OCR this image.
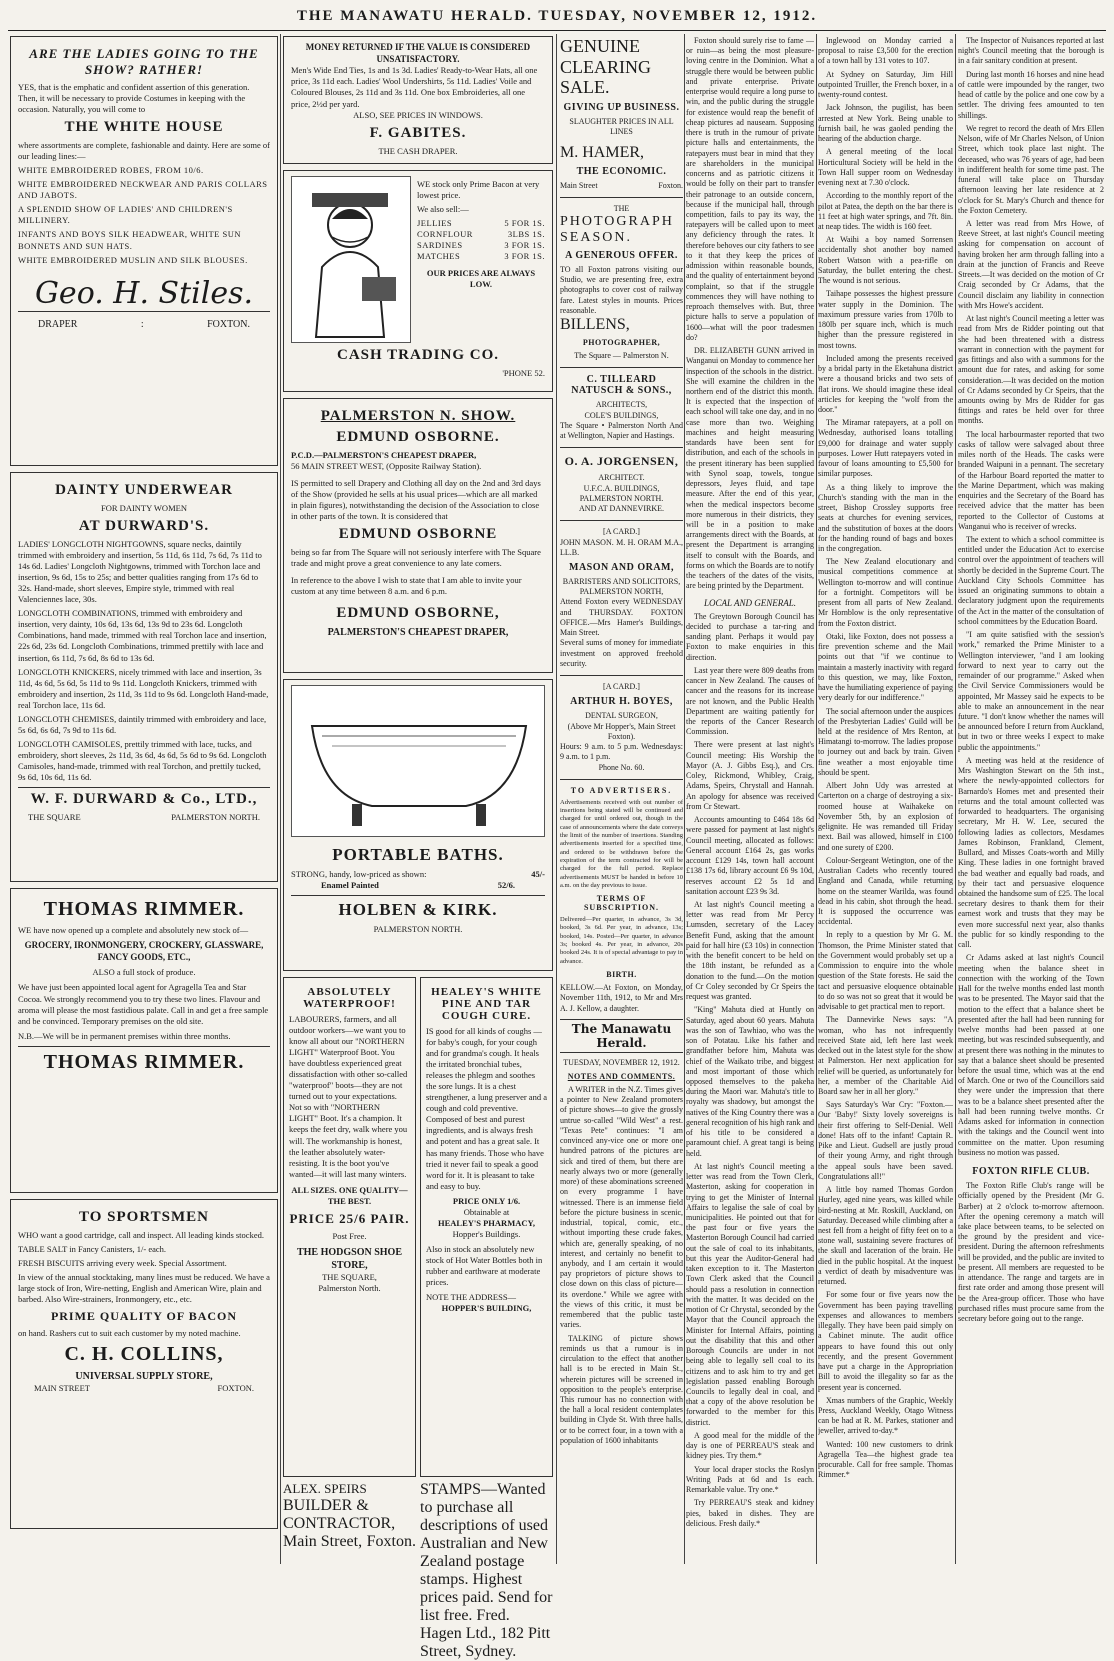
THE MANAWATU HERALD. TUESDAY, NOVEMBER 12, 1912.
ARE THE LADIES GOING TO THE SHOW? RATHER!
YES, that is the emphatic and confident assertion of this generation. Then, it will be necessary to provide Costumes in keeping with the occasion. Naturally, you will come to
THE WHITE HOUSE
where assortments are complete, fashionable and dainty. Here are some of our leading lines:—

WHITE EMBROIDERED ROBES, FROM 10/6.

WHITE EMBROIDERED NECKWEAR AND PARIS COLLARS AND JABOTS.

A SPLENDID SHOW OF LADIES' AND CHILDREN'S MILLINERY.

INFANTS AND BOYS SILK HEADWEAR, WHITE SUN BONNETS AND SUN HATS.

WHITE EMBROIDERED MUSLIN AND SILK BLOUSES.

Geo. H. Stiles.
DRAPER	:	FOXTON.
DAINTY UNDERWEAR
FOR DAINTY WOMEN
AT DURWARD'S.

LADIES' LONGCLOTH NIGHTGOWNS, square necks, daintily trimmed with embroidery and insertion, 5s 11d, 6s 11d, 7s 6d, 7s 11d to 14s 6d. Ladies' Longcloth Nightgowns, trimmed with Torchon lace and insertion, 9s 6d, 15s to 25s; and better qualities ranging from 17s 6d to 32s. Hand-made, short sleeves, Empire style, trimmed with real Valenciennes lace, 30s.

LONGCLOTH COMBINATIONS, trimmed with embroidery and insertion, very dainty, 10s 6d, 13s 6d, 13s 9d to 23s 6d. Longcloth Combinations, hand made, trimmed with real Torchon lace and insertion, 22s 6d, 23s 6d. Longcloth Combinations, trimmed prettily with lace and insertion, 6s 11d, 7s 6d, 8s 6d to 13s 6d.

LONGCLOTH KNICKERS, nicely trimmed with lace and insertion, 3s 11d, 4s 6d, 5s 6d, 5s 11d to 9s 11d. Longcloth Knickers, trimmed with embroidery and insertion, 2s 11d, 3s 11d to 9s 6d. Longcloth Hand-made, real Torchon lace, 11s 6d.

LONGCLOTH CHEMISES, daintily trimmed with embroidery and lace, 5s 6d, 6s 6d, 7s 9d to 11s 6d.

LONGCLOTH CAMISOLES, prettily trimmed with lace, tucks, and embroidery, short sleeves, 2s 11d, 3s 6d, 4s 6d, 5s 6d to 9s 6d. Longcloth Camisoles, hand-made, trimmed with real Torchon, and prettily tucked, 9s 6d, 10s 6d, 11s 6d.

W. F. DURWARD & Co., LTD.,
THE SQUARE	PALMERSTON NORTH.
THOMAS RIMMER.
WE have now opened up a complete and absolutely new stock of—
GROCERY, IRONMONGERY, CROCKERY, GLASSWARE, FANCY GOODS, ETC.,
ALSO a full stock of produce.
We have just been appointed local agent for Agragella Tea and Star Cocoa. We strongly recommend you to try these two lines. Flavour and aroma will please the most fastidious palate. Call in and get a free sample and be convinced. Temporary premises on the old site.
N.B.—We will be in permanent premises within three months.
THOMAS RIMMER.
TO SPORTSMEN

WHO want a good cartridge, call and inspect. All leading kinds stocked.

TABLE SALT in Fancy Canisters, 1/- each.

FRESH BISCUITS arriving every week. Special Assortment.

In view of the annual stocktaking, many lines must be reduced. We have a large stock of Iron, Wire-netting, English and American Wire, plain and barbed. Also Wire-strainers, Ironmongery, etc., etc.

PRIME QUALITY OF BACON
on hand. Rashers cut to suit each customer by my noted machine.
C. H. COLLINS,
UNIVERSAL SUPPLY STORE,
MAIN STREET	FOXTON.
MONEY RETURNED IF THE VALUE IS CONSIDERED UNSATISFACTORY.
Men's Wide End Ties, 1s and 1s 3d. Ladies' Ready-to-Wear Hats, all one price, 3s 11d each. Ladies' Wool Undershirts, 5s 11d. Ladies' Voile and Coloured Blouses, 2s 11d and 3s 11d. One box Embroideries, all one price, 2½d per yard.
ALSO, SEE PRICES IN WINDOWS.
F. GABITES.
THE CASH DRAPER.

WE stock only Prime Bacon at very lowest price.

We also sell:—

JELLIES	5 FOR 1S.
CORNFLOUR	3LBS 1S.
SARDINES	3 FOR 1S.
MATCHES	3 FOR 1S.

OUR PRICES ARE ALWAYS LOW.

CASH TRADING CO.
'PHONE 52.
PALMERSTON N. SHOW.
EDMUND OSBORNE.
P.C.D.—PALMERSTON'S CHEAPEST DRAPER,
56 MAIN STREET WEST, (Opposite Railway Station).
IS permitted to sell Drapery and Clothing all day on the 2nd and 3rd days of the Show (provided he sells at his usual prices—which are all marked in plain figures), notwithstanding the decision of the Association to close in other parts of the town. It is considered that
EDMUND OSBORNE
being so far from The Square will not seriously interfere with The Square trade and might prove a great convenience to any late comers.
In reference to the above I wish to state that I am able to invite your custom at any time between 8 a.m. and 6 p.m.
EDMUND OSBORNE,
PALMERSTON'S CHEAPEST DRAPER,
PORTABLE BATHS.
STRONG, handy, low-priced as shown:	45/-
Enamel Painted	52/6.
HOLBEN & KIRK.
PALMERSTON NORTH.
ABSOLUTELY WATERPROOF!
LABOURERS, farmers, and all outdoor workers—we want you to know all about our "NORTHERN LIGHT" Waterproof Boot. You have doubtless experienced great dissatisfaction with other so-called "waterproof" boots—they are not turned out to your expectations. Not so with "NORTHERN LIGHT" Boot. It's a champion. It keeps the feet dry, walk where you will. The workmanship is honest, the leather absolutely water-resisting. It is the boot you've wanted—it will last many winters.
ALL SIZES. ONE QUALITY—THE BEST.
PRICE 25/6 PAIR.
Post Free.
THE HODGSON SHOE STORE,
THE SQUARE,
Palmerston North.
HEALEY'S WHITE PINE AND TAR COUGH CURE.
IS good for all kinds of coughs — for baby's cough, for your cough and for grandma's cough. It heals the irritated bronchial tubes, releases the phlegm and soothes the sore lungs. It is a chest strengthener, a lung preserver and a cough and cold preventive. Composed of best and purest ingredients, and is always fresh and potent and has a great sale. It has many friends. Those who have tried it never fail to speak a good word for it. It is pleasant to take and easy to buy.
PRICE ONLY 1/6.
Obtainable at
HEALEY'S PHARMACY,
Hopper's Buildings.
Also in stock an absolutely new stock of Hot Water Bottles both in rubber and earthware at moderate prices.
NOTE THE ADDRESS—
HOPPER'S BUILDING,
ALEX. SPEIRS
BUILDER & CONTRACTOR,
Main Street, Foxton.
STAMPS—Wanted to purchase all descriptions of used Australian and New Zealand postage stamps. Highest prices paid. Send for list free. Fred. Hagen Ltd., 182 Pitt Street, Sydney.
GENUINE CLEARING SALE.
GIVING UP BUSINESS.
SLAUGHTER PRICES IN ALL LINES
M. HAMER,
THE ECONOMIC.
Main Street	Foxton.
THE
PHOTOGRAPH SEASON.
A GENEROUS OFFER.
TO all Foxton patrons visiting our Studio, we are presenting free, extra photographs to cover cost of railway fare. Latest styles in mounts. Prices reasonable.
BILLENS,
PHOTOGRAPHER,
The Square — Palmerston N.
C. TILLEARD NATUSCH & SONS.,
ARCHITECTS,
COLE'S BUILDINGS,
The Square • Palmerston North And at Wellington, Napier and Hastings.
O. A. JORGENSEN,
ARCHITECT.
U.F.C.A. BUILDINGS, PALMERSTON NORTH.
AND AT DANNEVIRKE.
[A CARD.]
JOHN MASON. M. H. ORAM M.A., LL.B.
MASON AND ORAM,
BARRISTERS AND SOLICITORS, PALMERSTON NORTH,
Attend Foxton every WEDNESDAY and THURSDAY. FOXTON OFFICE.—Mrs Hamer's Buildings, Main Street.
Several sums of money for immediate investment on approved freehold security.
[A CARD.]
ARTHUR H. BOYES,
DENTAL SURGEON,
(Above Mr Hopper's, Main Street Foxton).
Hours: 9 a.m. to 5 p.m. Wednesdays: 9 a.m. to 1 p.m.
Phone No. 60.
TO ADVERTISERS.
Advertisements received with out number of insertions being stated will be continued and charged for until ordered out, though in the case of announcements where the date conveys the limit of the number of insertions. Standing advertisements inserted for a specified time, and ordered to be withdrawn before the expiration of the term contracted for will be charged for the full period. Replace advertisements MUST be handed in before 10 a.m. on the day previous to issue.
TERMS OF SUBSCRIPTION.
Delivered—Per quarter, in advance, 3s 3d, booked, 3s 6d. Per year, in advance, 13s; booked, 14s. Posted—Per quarter, in advance 3s; booked 4s. Per year, in advance, 20s booked 24s. It is of special advantage to pay in advance.
BIRTH.
KELLOW.—At Foxton, on Monday, November 11th, 1912, to Mr and Mrs A. J. Kellow, a daughter.
The Manawatu Herald.
TUESDAY, NOVEMBER 12, 1912.
NOTES AND COMMENTS.

A WRITER in the N.Z. Times gives a pointer to New Zealand promoters of picture shows—to give the grossly untrue so-called "Wild West" a rest. "Texas Pete" continues: "I am convinced any-vice one or more one hundred patrons of the pictures are sick and tired of them, but there are nearly always two or more (generally more) of these abominations screened on every programme I have witnessed. There is an immense field before the picture business in scenic, industrial, topical, comic, etc., without importing these crude fakes, which are, generally speaking, of no interest, and certainly no benefit to anybody, and I am certain it would pay proprietors of picture shows to close down on this class of picture—its overdone." While we agree with the views of this critic, it must be remembered that the public taste varies.

TALKING of picture shows reminds us that a rumour is in circulation to the effect that another hall is to be erected in Main St., wherein pictures will be screened in opposition to the people's enterprise. This rumour has no connection with the hall a local resident contemplates building in Clyde St. With three halls, or to be correct four, in a town with a population of 1600 inhabitants

Foxton should surely rise to fame —or ruin—as being the most pleasure-loving centre in the Dominion. What a struggle there would be between public and private enterprise. Private enterprise would require a long purse to win, and the public during the struggle for existence would reap the benefit of cheap pictures ad nauseam. Supposing there is truth in the rumour of private picture halls and entertainments, the ratepayers must bear in mind that they are shareholders in the municipal concerns and as patriotic citizens it would be folly on their part to transfer their patronage to an outside concern, because if the municipal hall, through competition, fails to pay its way, the ratepayers will be called upon to meet any deficiency through the rates. It therefore behoves our city fathers to see to it that they keep the prices of admission within reasonable bounds, and the quality of entertainment beyond complaint, so that if the struggle commences they will have nothing to reproach themselves with. But, three picture halls to serve a population of 1600—what will the poor tradesmen do?

DR. ELIZABETH GUNN arrived in Wanganui on Monday to commence her inspection of the schools in the district. She will examine the children in the northern end of the district this month. It is expected that the inspection of each school will take one day, and in no case more than two. Weighing machines and height measuring standards have been sent for distribution, and each of the schools in the present itinerary has been supplied with Synol soap, towels, tongue depressors, Jeyes fluid, and tape measure. After the end of this year, when the medical inspectors become more numerous in their districts, they will be in a position to make arrangements direct with the Boards, at present the Department is arranging itself to consult with the Boards, and forms on which the Boards are to notify the teachers of the dates of the visits, are being printed by the Department.

LOCAL AND GENERAL.

The Greytown Borough Council has decided to purchase a tar-ring and sanding plant. Perhaps it would pay Foxton to make enquiries in this direction.

Last year there were 809 deaths from cancer in New Zealand. The causes of cancer and the reasons for its increase are not known, and the Public Health Department are waiting patiently for the reports of the Cancer Research Commission.

There were present at last night's Council meeting: His Worship the Mayor (A. J. Gibbs Esq.), and Crs. Coley, Rickmond, Whibley, Craig, Adams, Speirs, Chrystall and Hannah. An apology for absence was received from Cr Stewart.

Accounts amounting to £464 18s 6d were passed for payment at last night's Council meeting, allocated as follows: General account £164 2s, gas works account £129 14s, town hall account £138 17s 6d, library account £6 9s 10d, reserves account £2 5s 1d and sanitation account £23 9s 3d.

At last night's Council meeting a letter was read from Mr Percy Lumsden, secretary of the Lacey Benefit Fund, asking that the amount paid for hall hire (£3 10s) in connection with the benefit concert to be held on the 18th instant, be refunded as a donation to the fund.—On the motion of Cr Coley seconded by Cr Speirs the request was granted.

"King" Mahuta died at Huntly on Saturday, aged about 60 years. Mahuta was the son of Tawhiao, who was the son of Potatau. Like his father and grandfather before him, Mahuta was chief of the Waikato tribe, and biggest and most important of those which opposed themselves to the pakeha during the Maori war. Mahuta's title to royalty was shadowy, but amongst the natives of the King Country there was a general recognition of his high rank and of his title to be considered a paramount chief. A great tangi is being held.

At last night's Council meeting a letter was read from the Town Clerk, Masterton, asking for cooperation in trying to get the Minister of Internal Affairs to legalise the sale of coal by municipalities. He pointed out that for the past four or five years the Masterton Borough Council had carried out the sale of coal to its inhabitants, but this year the Auditor-General had taken exception to it. The Masterton Town Clerk asked that the Council should pass a resolution in connection with the matter. It was decided on the motion of Cr Chrystal, seconded by the Mayor that the Council approach the Minister for Internal Affairs, pointing out the disability that this and other Borough Councils are under in not being able to legally sell coal to its citizens and to ask him to try and get legislation passed enabling Borough Councils to legally deal in coal, and that a copy of the above resolution be forwarded to the member for this district.

A good meal for the middle of the day is one of PERREAU'S steak and kidney pies. Try them.*

Your local draper stocks the Roslyn Writing Pads at 6d and 1s each. Remarkable value. Try one.*

Try PERREAU'S steak and kidney pies, baked in dishes. They are delicious. Fresh daily.*

Inglewood on Monday carried a proposal to raise £3,500 for the erection of a town hall by 131 votes to 107.

At Sydney on Saturday, Jim Hill outpointed Truiller, the French boxer, in a twenty-round contest.

Jack Johnson, the pugilist, has been arrested at New York. Being unable to furnish bail, he was gaoled pending the hearing of the abduction charge.

A general meeting of the local Horticultural Society will be held in the Town Hall supper room on Wednesday evening next at 7.30 o'clock.

According to the monthly report of the pilot at Patea, the depth on the bar there is 11 feet at high water springs, and 7ft. 8in. at neap tides. The width is 160 feet.

At Waihi a boy named Sorrensen accidentally shot another boy named Robert Watson with a pea-rifle on Saturday, the bullet entering the chest. The wound is not serious.

Taihape possesses the highest pressure water supply in the Dominion. The maximum pressure varies from 170lb to 180lb per square inch, which is much higher than the pressure registered in most towns.

Included among the presents received by a bridal party in the Eketahuna district were a thousand bricks and two sets of flat irons. We should imagine these ideal articles for keeping the "wolf from the door."

The Miramar ratepayers, at a poll on Wednesday, authorised loans totalling £9,000 for drainage and water supply purposes. Lower Hutt ratepayers voted in favour of loans amounting to £5,500 for similar purposes.

As a thing likely to improve the Church's standing with the man in the street, Bishop Crossley supports free seats at churches for evening services, and the substitution of boxes at the doors for the handing round of bags and boxes in the congregation.

The New Zealand elocutionary and musical competitions commence at Wellington to-morrow and will continue for a fortnight. Competitors will be present from all parts of New Zealand. Mr Hornblow is the only representative from the Foxton district.

Otaki, like Foxton, does not possess a fire prevention scheme and the Mail points out that "if we continue to maintain a masterly inactivity with regard to this question, we may, like Foxton, have the humiliating experience of paying very dearly for our indifference."

The social afternoon under the auspices of the Presbyterian Ladies' Guild will be held at the residence of Mrs Renton, at Himatangi to-morrow. The ladies propose to journey out and back by train. Given fine weather a most enjoyable time should be spent.

Albert John Udy was arrested at Carterton on a charge of destroying a six-roomed house at Waihakeke on November 5th, by an explosion of gelignite. He was remanded till Friday next. Bail was allowed, himself in £100 and one surety of £200.

Colour-Sergeant Wetington, one of the Australian Cadets who recently toured England and Canada, while returning home on the steamer Warilda, was found dead in his cabin, shot through the head. It is supposed the occurrence was accidental.

In reply to a question by Mr G. M. Thomson, the Prime Minister stated that the Government would probably set up a Commission to enquire into the whole question of the State forests. He said the tact and persuasive eloquence obtainable to do so was not so great that it would be advisable to get practical men to report.

The Dannevirke News says: "A woman, who has not infrequently received State aid, left here last week decked out in the latest style for the show at Palmerston. Her next application for relief will be queried, as unfortunately for her, a member of the Charitable Aid Board saw her in all her glory."

Says Saturday's War Cry: "Foxton.—Our 'Baby!' Sixty lovely sovereigns is their first offering to Self-Denial. Well done! Hats off to the infant! Captain R. Pike and Lieut. Gudsell are justly proud of their young Army, and right through the appeal souls have been saved. Congratulations all!"

A little boy named Thomas Gordon Hurley, aged nine years, was killed while bird-nesting at Mr. Roskill, Auckland, on Saturday. Deceased while climbing after a nest fell from a height of fifty feet on to a stone wall, sustaining severe fractures of the skull and laceration of the brain. He died in the public hospital. At the inquest a verdict of death by misadventure was returned.

For some four or five years now the Government has been paying travelling expenses and allowances to members illegally. They have been paid simply on a Cabinet minute. The audit office appears to have found this out only recently, and the present Government have put a charge in the Appropriation Bill to avoid the illegality so far as the present year is concerned.

Xmas numbers of the Graphic, Weekly Press, Auckland Weekly, Otago Witness can be had at R. M. Parkes, stationer and jeweller, arrived to-day.*

Wanted: 100 new customers to drink Agragella Tea—the highest grade tea procurable. Call for free sample. Thomas Rimmer.*

The Inspector of Nuisances reported at last night's Council meeting that the borough is in a fair sanitary condition at present.

During last month 16 horses and nine head of cattle were impounded by the ranger, two head of cattle by the police and one cow by a settler. The driving fees amounted to ten shillings.

We regret to record the death of Mrs Ellen Nelson, wife of Mr Charles Nelson, of Union Street, which took place last night. The deceased, who was 76 years of age, had been in indifferent health for some time past. The funeral will take place on Thursday afternoon leaving her late residence at 2 o'clock for St. Mary's Church and thence for the Foxton Cemetery.

A letter was read from Mrs Howe, of Reeve Street, at last night's Council meeting asking for compensation on account of having broken her arm through falling into a drain at the junction of Francis and Reeve Streets.—It was decided on the motion of Cr Craig seconded by Cr Adams, that the Council disclaim any liability in connection with Mrs Howe's accident.

At last night's Council meeting a letter was read from Mrs de Ridder pointing out that she had been threatened with a distress warrant in connection with the payment for gas fittings and also with a summons for the amount due for rates, and asking for some consideration.—It was decided on the motion of Cr Adams seconded by Cr Speirs, that the amounts owing by Mrs de Ridder for gas fittings and rates be held over for three months.

The local harbourmaster reported that two casks of tallow were salvaged about three miles north of the Heads. The casks were branded Waipuni in a pennant. The secretary of the Harbour Board reported the matter to the Marine Department, which was making enquiries and the Secretary of the Board has received advice that the matter has been reported to the Collector of Customs at Wanganui who is receiver of wrecks.

The extent to which a school committee is entitled under the Education Act to exercise control over the appointment of teachers will shortly be decided in the Supreme Court. The Auckland City Schools Committee has issued an originating summons to obtain a declaratory judgment upon the requirements of the Act in the matter of the consultation of school committees by the Education Board.

"I am quite satisfied with the session's work," remarked the Prime Minister to a Wellington interviewer, "and I am looking forward to next year to carry out the remainder of our programme." Asked when the Civil Service Commissioners would be appointed, Mr Massey said he expects to be able to make an announcement in the near future. "I don't know whether the names will be announced before I return from Auckland, but in two or three weeks I expect to make public the appointments."

A meeting was held at the residence of Mrs Washington Stewart on the 5th inst., where the newly-appointed collectors for Barnardo's Homes met and presented their returns and the total amount collected was forwarded to headquarters. The organising secretary, Mr H. W. Lee, secured the following ladies as collectors, Mesdames James Robinson, Frankland, Clement, Bullard, and Misses Coats-worth and Milly King. These ladies in one fortnight braved the bad weather and equally bad roads, and by their tact and persuasive eloquence obtained the handsome sum of £25. The local secretary desires to thank them for their earnest work and trusts that they may be even more successful next year, also thanks the public for so kindly responding to the call.

Cr Adams asked at last night's Council meeting when the balance sheet in connection with the working of the Town Hall for the twelve months ended last month was to be presented. The Mayor said that the motion to the effect that a balance sheet be presented after the hall had been running for twelve months had been passed at one meeting, but was rescinded subsequently, and at present there was nothing in the minutes to say that a balance sheet should be presented before the usual time, which was at the end of March. One or two of the Councillors said they were under the impression that there was to be a balance sheet presented after the hall had been running twelve months. Cr Adams asked for information in connection with the takings and the Council went into committee on the matter. Upon resuming business no motion was passed.

FOXTON RIFLE CLUB.

The Foxton Rifle Club's range will be officially opened by the President (Mr G. Barber) at 2 o'clock to-morrow afternoon. After the opening ceremony a match will take place between teams, to be selected on the ground by the president and vice-president. During the afternoon refreshments will be provided, and the public are invited to be present. All members are requested to be in attendance. The range and targets are in first rate order and among those present will be the Area-group officer. Those who have purchased rifles must procure same from the secretary before going out to the range.
